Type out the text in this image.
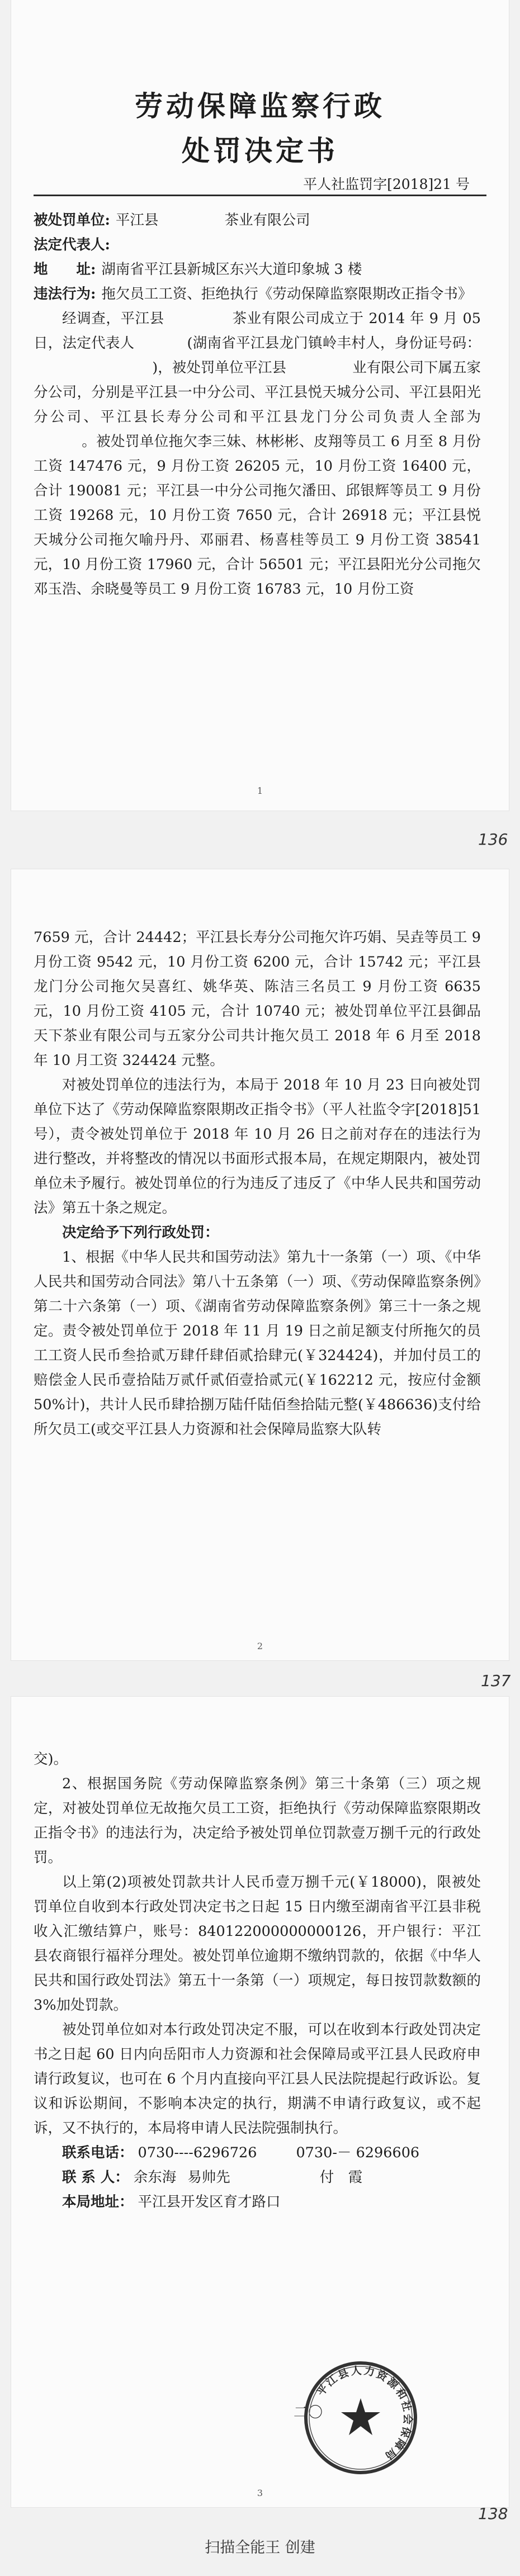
劳动保障监察行政
处罚决定书
平人社监罚字[2018]21 号
被处罚单位: 平江县 　　　　 茶业有限公司
法定代表人:
地　　址: 湖南省平江县新城区东兴大道印象城 3 楼
违法行为: 拖欠员工工资、拒绝执行《劳动保障监察限期改正指令书》

经调查，平江县 　　　　 茶业有限公司成立于 2014 年 9 月 05 日，法定代表人 　　　 (湖南省平江县龙门镇岭丰村人，身份证号码： 　　　　　　　　 )，被处罚单位平江县 　　　　 业有限公司下属五家分公司，分别是平江县一中分公司、平江县悦天城分公司、平江县阳光分公司、平江县长寿分公司和平江县龙门分公司负责人全部为 　　　 。被处罚单位拖欠李三妹、林彬彬、皮翔等员工 6 月至 8 月份工资 147476 元，9 月份工资 26205 元，10 月份工资 16400 元，合计 190081 元；平江县一中分公司拖欠潘田、邱银辉等员工 9 月份工资 19268 元，10 月份工资 7650 元，合计 26918 元；平江县悦天城分公司拖欠喻丹丹、邓丽君、杨喜桂等员工 9 月份工资 38541 元，10 月份工资 17960 元，合计 56501 元；平江县阳光分公司拖欠邓玉浩、余晓曼等员工 9 月份工资 16783 元，10 月份工资

1
136

7659 元，合计 24442；平江县长寿分公司拖欠许巧娟、吴垚等员工 9 月份工资 9542 元，10 月份工资 6200 元，合计 15742 元；平江县龙门分公司拖欠吴喜红、姚华英、陈洁三名员工 9 月份工资 6635 元，10 月份工资 4105 元，合计 10740 元；被处罚单位平江县御品天下茶业有限公司与五家分公司共计拖欠员工 2018 年 6 月至 2018 年 10 月工资 324424 元整。

对被处罚单位的违法行为，本局于 2018 年 10 月 23 日向被处罚单位下达了《劳动保障监察限期改正指令书》（平人社监令字[2018]51 号），责令被处罚单位于 2018 年 10 月 26 日之前对存在的违法行为进行整改，并将整改的情况以书面形式报本局，在规定期限内，被处罚单位未予履行。被处罚单位的行为违反了违反了《中华人民共和国劳动法》第五十条之规定。

决定给予下列行政处罚：

1、根据《中华人民共和国劳动法》第九十一条第（一）项、《中华人民共和国劳动合同法》第八十五条第（一）项、《劳动保障监察条例》第二十六条第（一）项、《湖南省劳动保障监察条例》第三十一条之规定。责令被处罚单位于 2018 年 11 月 19 日之前足额支付所拖欠的员工工资人民币叁拾贰万肆仟肆佰贰拾肆元(￥324424)，并加付员工的赔偿金人民币壹拾陆万贰仟贰佰壹拾贰元(￥162212 元，按应付金额 50%计)，共计人民币肆拾捌万陆仟陆佰叁拾陆元整(￥486636)支付给所欠员工(或交平江县人力资源和社会保障局监察大队转

2
137

交)。

2、根据国务院《劳动保障监察条例》第三十条第（三）项之规定，对被处罚单位无故拖欠员工工资，拒绝执行《劳动保障监察限期改正指令书》的违法行为，决定给予被处罚单位罚款壹万捌千元的行政处罚。

以上第(2)项被处罚款共计人民币壹万捌千元(￥18000)，限被处罚单位自收到本行政处罚决定书之日起 15 日内缴至湖南省平江县非税收入汇缴结算户，账号：840122000000000126，开户银行：平江县农商银行福祥分理处。被处罚单位逾期不缴纳罚款的，依据《中华人民共和国行政处罚法》第五十一条第（一）项规定，每日按罚款数额的 3%加处罚款。

被处罚单位如对本行政处罚决定不服，可以在收到本行政处罚决定书之日起 60 日内向岳阳市人力资源和社会保障局或平江县人民政府申请行政复议，也可在 6 个月内直接向平江县人民法院提起行政诉讼。复议和诉讼期间，不影响本决定的执行，期满不申请行政复议，或不起诉，又不执行的，本局将申请人民法院强制执行。

联系电话： 0730----6296726	0730-－ 6296606
联 系 人： 余东海 易帅先	付　霞
本局地址： 平江县开发区育才路口
二〇
平江县人力资源和社会保障局
3
138
扫描全能王 创建
